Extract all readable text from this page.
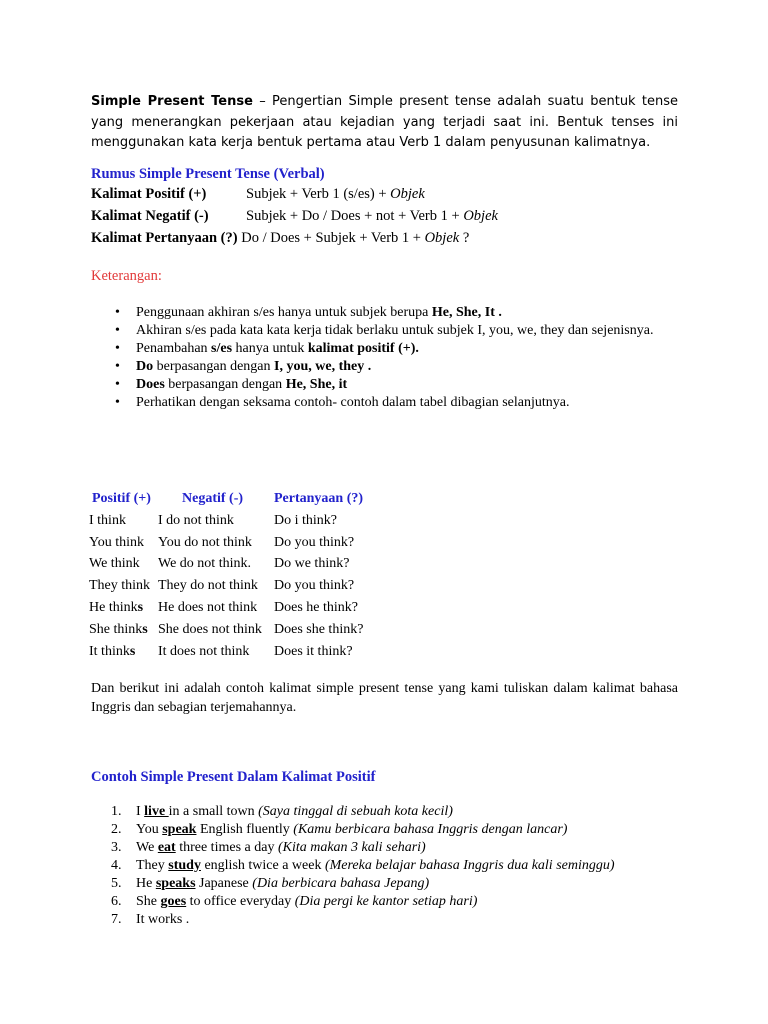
Simple Present Tense – Pengertian Simple present tense adalah suatu bentuk tense yang menerangkan pekerjaan atau kejadian yang terjadi saat ini. Bentuk tenses ini menggunakan kata kerja bentuk pertama atau Verb 1 dalam penyusunan kalimatnya.

Rumus Simple Present Tense (Verbal)
Kalimat Positif (+)	Subjek + Verb 1 (s/es) + Objek
Kalimat Negatif (-)	Subjek + Do / Does + not + Verb 1 + Objek
Kalimat Pertanyaan (?) Do / Does + Subjek + Verb 1 + Objek ?
Keterangan:
• Penggunaan akhiran s/es hanya untuk subjek berupa He, She, It .
• Akhiran s/es pada kata kata kerja tidak berlaku untuk subjek I, you, we, they dan sejenisnya.
• Penambahan s/es hanya untuk kalimat positif (+).
• Do berpasangan dengan I, you, we, they .
• Does berpasangan dengan He, She, it
• Perhatikan dengan seksama contoh- contoh dalam tabel dibagian selanjutnya.
Positif (+)	Negatif (-)	Pertanyaan (?)
I think	I do not think	Do i think?
You think	You do not think	Do you think?
We think	We do not think.	Do we think?
They think	They do not think	Do you think?
He thinks	He does not think	Does he think?
She thinks	She does not think	Does she think?
It thinks	It does not think	Does it think?

Dan berikut ini adalah contoh kalimat simple present tense yang kami tuliskan dalam kalimat bahasa Inggris dan sebagian terjemahannya.

Contoh Simple Present Dalam Kalimat Positif
1. I live in a small town (Saya tinggal di sebuah kota kecil)
2. You speak English fluently (Kamu berbicara bahasa Inggris dengan lancar)
3. We eat three times a day (Kita makan 3 kali sehari)
4. They study english twice a week (Mereka belajar bahasa Inggris dua kali seminggu)
5. He speaks Japanese (Dia berbicara bahasa Jepang)
6. She goes to office everyday (Dia pergi ke kantor setiap hari)
7. It works .
